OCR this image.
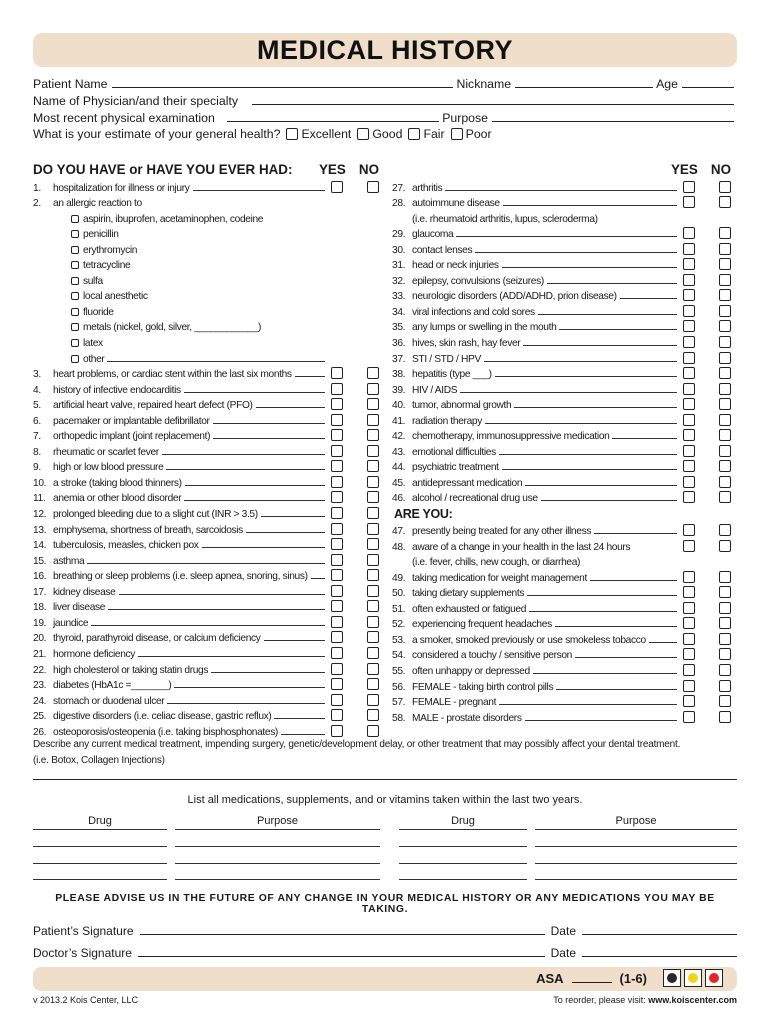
MEDICAL HISTORY
Patient Name	Nickname	Age
Name of Physician/and their specialty
Most recent physical examination	Purpose
What is your estimate of your general health? Excellent Good Fair Poor
DO YOU HAVE or HAVE YOU EVER HAD:	YES NO
1.	hospitalization for illness or injury
2.	an allergic reaction to
aspirin, ibuprofen, acetaminophen, codeine
penicillin
erythromycin
tetracycline
sulfa
local anesthetic
fluoride
metals (nickel, gold, silver, ____________)
latex
other
3.	heart problems, or cardiac stent within the last six months
4.	history of infective endocarditis
5.	artificial heart valve, repaired heart defect (PFO)
6.	pacemaker or implantable defibrillator
7.	orthopedic implant (joint replacement)
8.	rheumatic or scarlet fever
9.	high or low blood pressure
10. a stroke (taking blood thinners)
11. anemia or other blood disorder
12. prolonged bleeding due to a slight cut (INR > 3.5)
13. emphysema, shortness of breath, sarcoidosis
14. tuberculosis, measles, chicken pox
15. asthma
16. breathing or sleep problems (i.e. sleep apnea, snoring, sinus)
17. kidney disease
18. liver disease
19. jaundice
20. thyroid, parathyroid disease, or calcium deficiency
21. hormone deficiency
22. high cholesterol or taking statin drugs
23. diabetes (HbA1c =_______)
24. stomach or duodenal ulcer
25. digestive disorders (i.e. celiac disease, gastric reflux)
26. osteoporosis/osteopenia (i.e. taking bisphosphonates)
YES NO
27. arthritis
28. autoimmune disease
(i.e. rheumatoid arthritis, lupus, scleroderma)
29. glaucoma
30. contact lenses
31. head or neck injuries
32. epilepsy, convulsions (seizures)
33. neurologic disorders (ADD/ADHD, prion disease)
34. viral infections and cold sores
35. any lumps or swelling in the mouth
36. hives, skin rash, hay fever
37. STI / STD / HPV
38. hepatitis (type ___)
39. HIV / AIDS
40. tumor, abnormal growth
41. radiation therapy
42. chemotherapy, immunosuppressive medication
43. emotional difficulties
44. psychiatric treatment
45. antidepressant medication
46. alcohol / recreational drug use
ARE YOU:
47. presently being treated for any other illness
48. aware of a change in your health in the last 24 hours
(i.e. fever, chills, new cough, or diarrhea)
49. taking medication for weight management
50. taking dietary supplements
51. often exhausted or fatigued
52. experiencing frequent headaches
53. a smoker, smoked previously or use smokeless tobacco
54. considered a touchy / sensitive person
55. often unhappy or depressed
56. FEMALE - taking birth control pills
57. FEMALE - pregnant
58. MALE - prostate disorders
Describe any current medical treatment, impending surgery, genetic/development delay, or other treatment that may possibly affect your dental treatment.
(i.e. Botox, Collagen Injections)
List all medications, supplements, and or vitamins taken within the last two years.
Drug	Purpose	Drug	Purpose
PLEASE ADVISE US IN THE FUTURE OF ANY CHANGE IN YOUR MEDICAL HISTORY OR ANY MEDICATIONS YOU MAY BE TAKING.
Patient’s Signature	Date
Doctor’s Signature	Date
ASA	(1-6)
v 2013.2 Kois Center, LLC	To reorder, please visit: www.koiscenter.com
